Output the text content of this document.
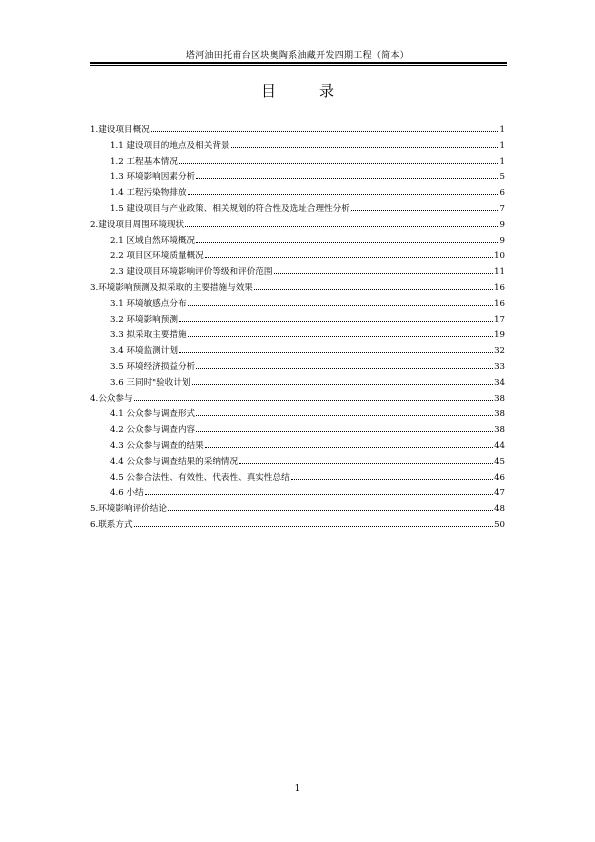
塔河油田托甫台区块奥陶系油藏开发四期工程（简本）
目　录
1.建设项目概况	1
1.1 建设项目的地点及相关背景	1
1.2 工程基本情况	1
1.3 环境影响因素分析	5
1.4 工程污染物排放	6
1.5 建设项目与产业政策、相关规划的符合性及选址合理性分析	7
2.建设项目周围环境现状	9
2.1 区域自然环境概况	9
2.2 项目区环境质量概况	10
2.3 建设项目环境影响评价等级和评价范围	11
3.环境影响预测及拟采取的主要措施与效果	16
3.1 环境敏感点分布	16
3.2 环境影响预测	17
3.3 拟采取主要措施	19
3.4 环境监测计划	32
3.5 环境经济损益分析	33
3.6 三同时"验收计划	34
4.公众参与	38
4.1 公众参与调查形式	38
4.2 公众参与调查内容	38
4.3 公众参与调查的结果	44
4.4 公众参与调查结果的采纳情况	45
4.5 公参合法性、有效性、代表性、真实性总结	46
4.6 小结	47
5.环境影响评价结论	48
6.联系方式	50
1
